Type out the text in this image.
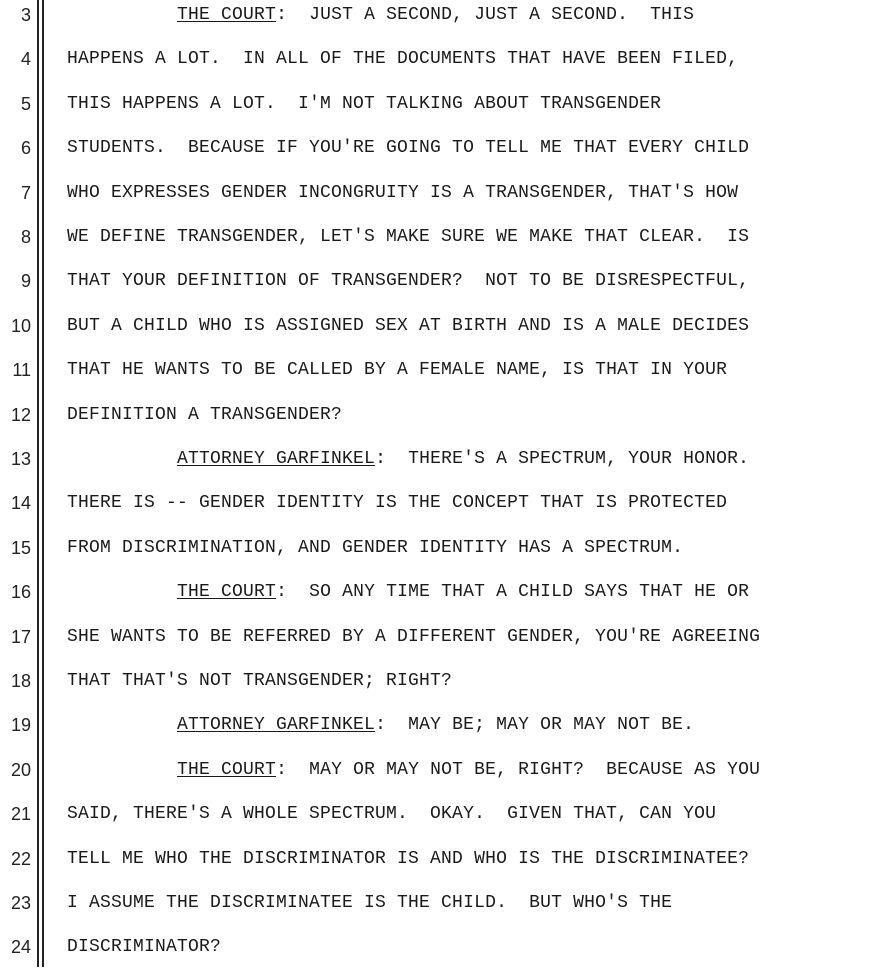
3	THE COURT:  JUST A SECOND, JUST A SECOND.  THIS
4 HAPPENS A LOT.  IN ALL OF THE DOCUMENTS THAT HAVE BEEN FILED,
5 THIS HAPPENS A LOT.  I'M NOT TALKING ABOUT TRANSGENDER
6 STUDENTS.  BECAUSE IF YOU'RE GOING TO TELL ME THAT EVERY CHILD
7 WHO EXPRESSES GENDER INCONGRUITY IS A TRANSGENDER, THAT'S HOW
8 WE DEFINE TRANSGENDER, LET'S MAKE SURE WE MAKE THAT CLEAR.  IS
9 THAT YOUR DEFINITION OF TRANSGENDER?  NOT TO BE DISRESPECTFUL,
10 BUT A CHILD WHO IS ASSIGNED SEX AT BIRTH AND IS A MALE DECIDES
11 THAT HE WANTS TO BE CALLED BY A FEMALE NAME, IS THAT IN YOUR
12 DEFINITION A TRANSGENDER?
13	ATTORNEY GARFINKEL:  THERE'S A SPECTRUM, YOUR HONOR.
14 THERE IS -- GENDER IDENTITY IS THE CONCEPT THAT IS PROTECTED
15 FROM DISCRIMINATION, AND GENDER IDENTITY HAS A SPECTRUM.
16	THE COURT:  SO ANY TIME THAT A CHILD SAYS THAT HE OR
17 SHE WANTS TO BE REFERRED BY A DIFFERENT GENDER, YOU'RE AGREEING
18 THAT THAT'S NOT TRANSGENDER; RIGHT?
19	ATTORNEY GARFINKEL:  MAY BE; MAY OR MAY NOT BE.
20	THE COURT:  MAY OR MAY NOT BE, RIGHT?  BECAUSE AS YOU
21 SAID, THERE'S A WHOLE SPECTRUM.  OKAY.  GIVEN THAT, CAN YOU
22 TELL ME WHO THE DISCRIMINATOR IS AND WHO IS THE DISCRIMINATEE?
23 I ASSUME THE DISCRIMINATEE IS THE CHILD.  BUT WHO'S THE
24 DISCRIMINATOR?
